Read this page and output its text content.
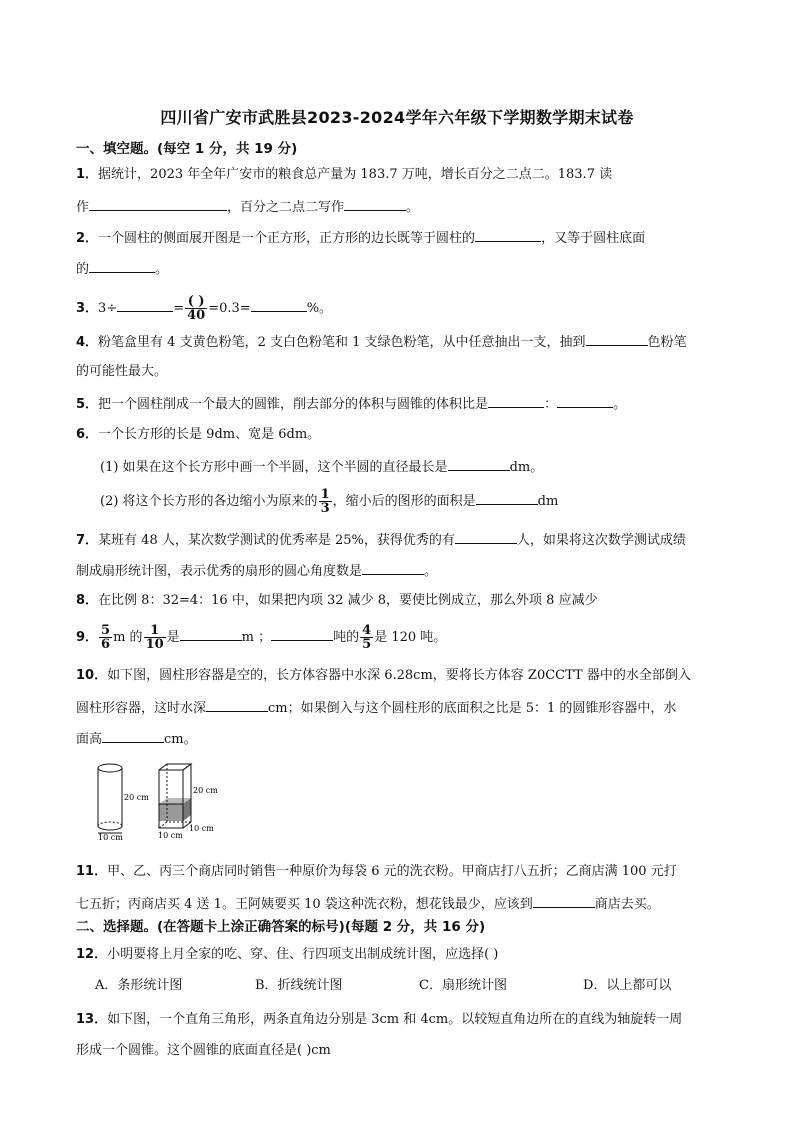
四川省广安市武胜县2023-2024学年六年级下学期数学期末试卷
一、填空题。(每空 1 分，共 19 分)
1．据统计，2023 年全年广安市的粮食总产量为 183.7 万吨，增长百分之二点二。183.7 读
作	，百分之二点二写作	。
2．一个圆柱的侧面展开图是一个正方形，正方形的边长既等于圆柱的	，又等于圆柱底面
的	。
3．3÷	= $\frac{( )}{40} =0.3=$	%。
4．粉笔盒里有 4 支黄色粉笔，2 支白色粉笔和 1 支绿色粉笔，从中任意抽出一支，抽到	色粉笔
的可能性最大。
5．把一个圆柱削成一个最大的圆锥，削去部分的体积与圆锥的体积比是	：	。
6．一个长方形的长是 9dm、宽是 6dm。
(1) 如果在这个长方形中画一个半圆，这个半圆的直径最长是	dm。
(2) 将这个长方形的各边缩小为原来的 $\frac{1}{3}$ ，缩小后的图形的面积是	dm
7．某班有 48 人，某次数学测试的优秀率是 25%，获得优秀的有	人，如果将这次数学测试成绩
制成扇形统计图，表示优秀的扇形的圆心角度数是	。
8．在比例 8：32=4：16 中，如果把内项 32 减少 8，要使比例成立，那么外项 8 应减少
9． $\frac{5}{6}$ m 的 $\frac{1}{10}$ 是	m ；	吨的 $\frac{4}{5}$ 是 120 吨。
10．如下图，圆柱形容器是空的，长方体容器中水深 6.28cm，要将长方体容 Z0CCTT 器中的水全部倒入
圆柱形容器，这时水深	cm；如果倒入与这个圆柱形的底面积之比是 5：1 的圆锥形容器中，水
面高	cm。
20 cm
10 cm
20 cm
10 cm
10 cm
11．甲、乙、丙三个商店同时销售一种原价为每袋 6 元的洗衣粉。甲商店打八五折；乙商店满 100 元打
七五折；丙商店买 4 送 1。王阿姨要买 10 袋这种洗衣粉，想花钱最少，应该到	商店去买。
二、选择题。(在答题卡上涂正确答案的标号)(每题 2 分，共 16 分)
12．小明要将上月全家的吃、穿、住、行四项支出制成统计图，应选择( )
A．条形统计图	B．折线统计图	C．扇形统计图	D．以上都可以
13．如下图，一个直角三角形，两条直角边分别是 3cm 和 4cm。以较短直角边所在的直线为轴旋转一周
形成一个圆锥。这个圆锥的底面直径是( )cm
